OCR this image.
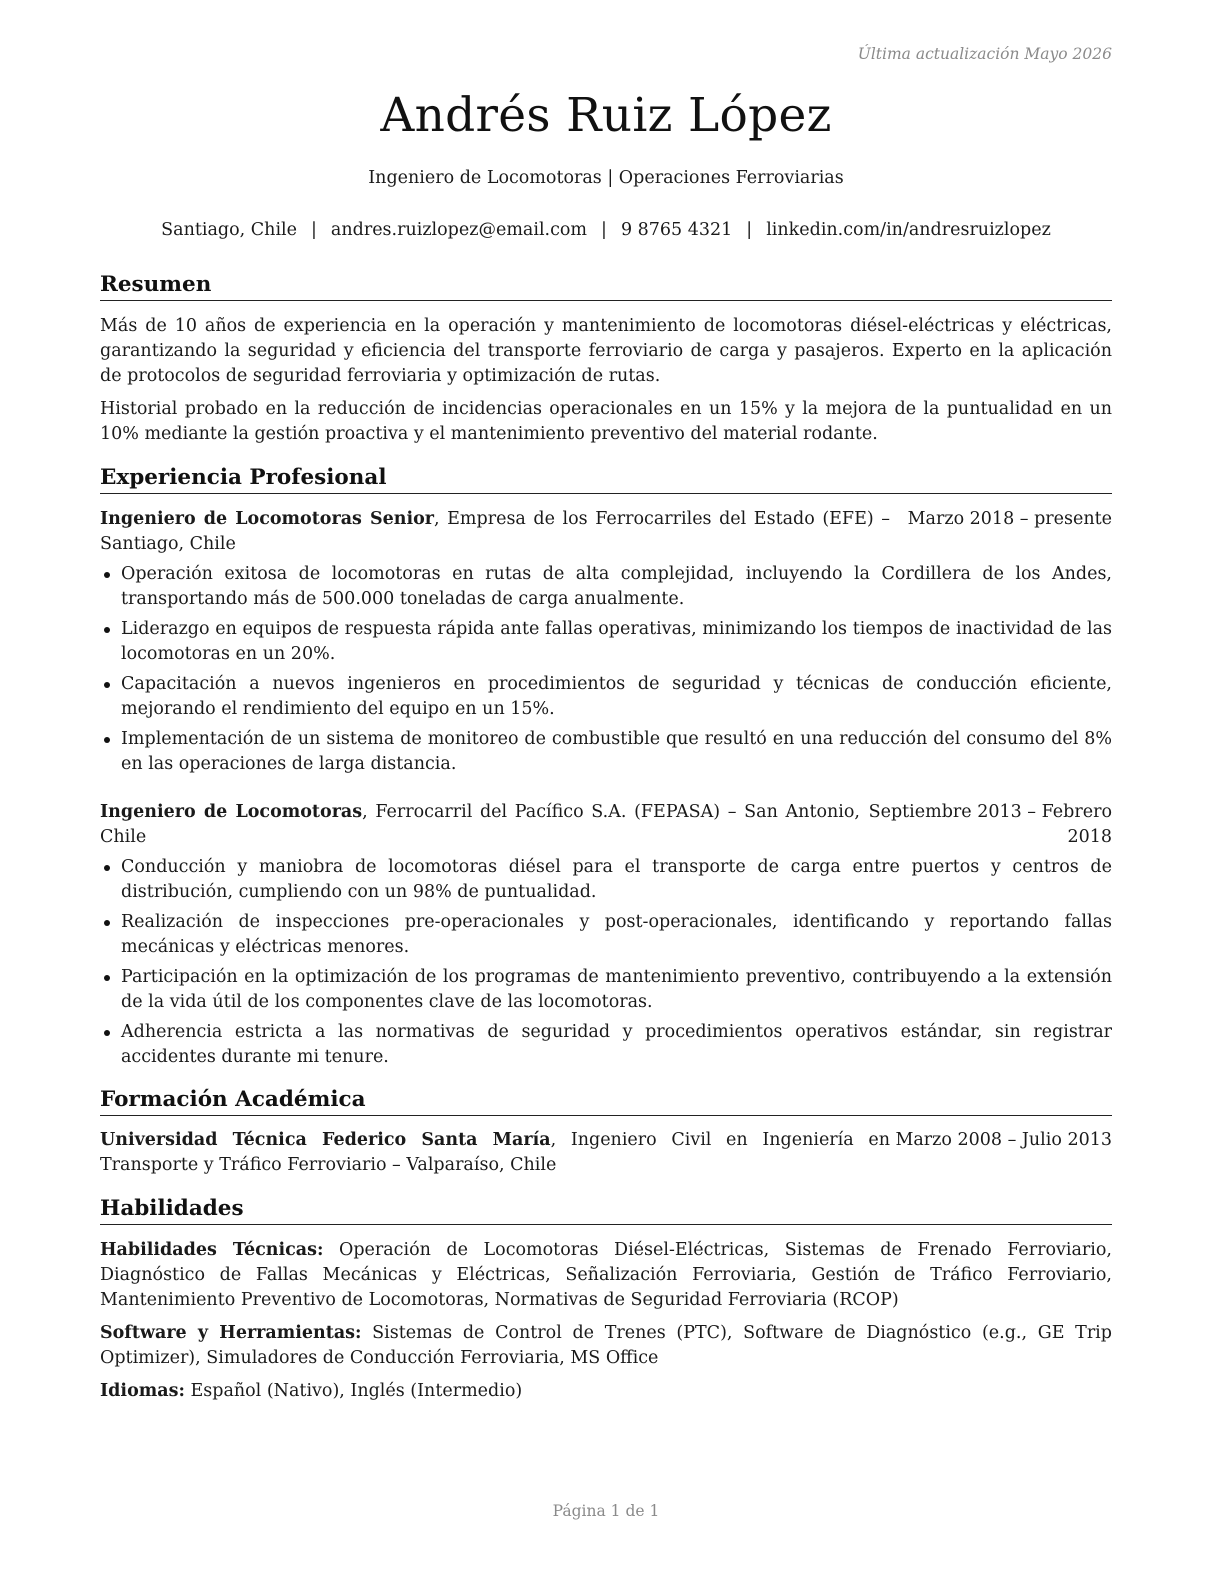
Última actualización Mayo 2026
Andrés Ruiz López
Ingeniero de Locomotoras | Operaciones Ferroviarias
Santiago, Chile | andres.ruizlopez@email.com | 9 8765 4321 | linkedin.com/in/andresruizlopez
Resumen

Más de 10 años de experiencia en la operación y mantenimiento de locomotoras diésel-eléctricas y eléctricas, garantizando la seguridad y eficiencia del transporte ferroviario de carga y pasajeros. Experto en la aplicación de protocolos de seguridad ferroviaria y optimización de rutas.

Historial probado en la reducción de incidencias operacionales en un 15% y la mejora de la puntualidad en un 10% mediante la gestión proactiva y el mantenimiento preventivo del material rodante.

Experiencia Profesional
Ingeniero de Locomotoras Senior, Empresa de los Ferrocarriles del Estado (EFE) – Santiago, Chile
Marzo 2018 – presente
Operación exitosa de locomotoras en rutas de alta complejidad, incluyendo la Cordillera de los Andes, transportando más de 500.000 toneladas de carga anualmente.
Liderazgo en equipos de respuesta rápida ante fallas operativas, minimizando los tiempos de inactividad de las locomotoras en un 20%.
Capacitación a nuevos ingenieros en procedimientos de seguridad y técnicas de conducción eficiente, mejorando el rendimiento del equipo en un 15%.
Implementación de un sistema de monitoreo de combustible que resultó en una reducción del consumo del 8% en las operaciones de larga distancia.
Ingeniero de Locomotoras, Ferrocarril del Pacífico S.A. (FEPASA) – San Antonio, Chile
Septiembre 2013 – Febrero 2018
Conducción y maniobra de locomotoras diésel para el transporte de carga entre puertos y centros de distribución, cumpliendo con un 98% de puntualidad.
Realización de inspecciones pre-operacionales y post-operacionales, identificando y reportando fallas mecánicas y eléctricas menores.
Participación en la optimización de los programas de mantenimiento preventivo, contribuyendo a la extensión de la vida útil de los componentes clave de las locomotoras.
Adherencia estricta a las normativas de seguridad y procedimientos operativos estándar, sin registrar accidentes durante mi tenure.
Formación Académica
Universidad Técnica Federico Santa María, Ingeniero Civil en Ingeniería en Transporte y Tráfico Ferroviario – Valparaíso, Chile
Marzo 2008 – Julio 2013
Habilidades

Habilidades Técnicas: Operación de Locomotoras Diésel-Eléctricas, Sistemas de Frenado Ferroviario, Diagnóstico de Fallas Mecánicas y Eléctricas, Señalización Ferroviaria, Gestión de Tráfico Ferroviario, Mantenimiento Preventivo de Locomotoras, Normativas de Seguridad Ferroviaria (RCOP)

Software y Herramientas: Sistemas de Control de Trenes (PTC), Software de Diagnóstico (e.g., GE Trip Optimizer), Simuladores de Conducción Ferroviaria, MS Office

Idiomas: Español (Nativo), Inglés (Intermedio)

Página 1 de 1
